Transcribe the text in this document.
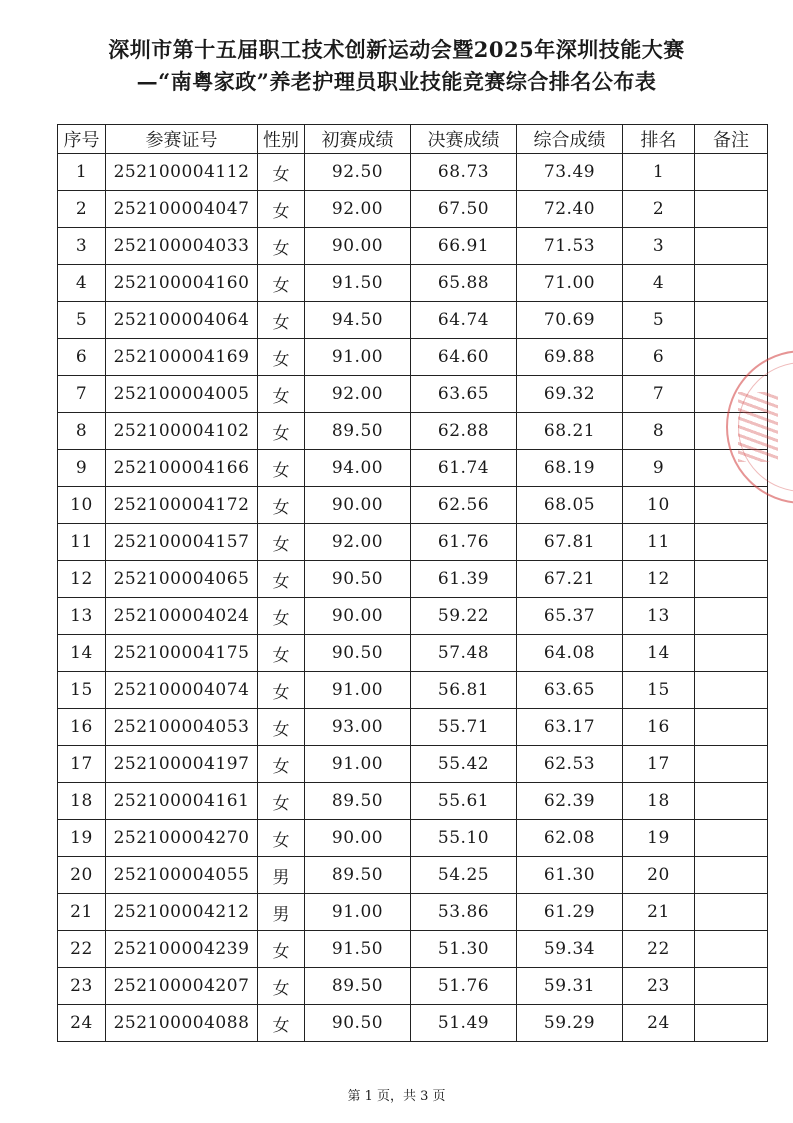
深圳市第十五届职工技术创新运动会暨2025年深圳技能大赛
—“南粤家政”养老护理员职业技能竞赛综合排名公布表
序号	参赛证号	性别	初赛成绩	决赛成绩	综合成绩	排名	备注
1	252100004112	女	92.50	68.73	73.49	1	
2	252100004047	女	92.00	67.50	72.40	2	
3	252100004033	女	90.00	66.91	71.53	3	
4	252100004160	女	91.50	65.88	71.00	4	
5	252100004064	女	94.50	64.74	70.69	5	
6	252100004169	女	91.00	64.60	69.88	6	
7	252100004005	女	92.00	63.65	69.32	7	
8	252100004102	女	89.50	62.88	68.21	8	
9	252100004166	女	94.00	61.74	68.19	9	
10	252100004172	女	90.00	62.56	68.05	10	
11	252100004157	女	92.00	61.76	67.81	11	
12	252100004065	女	90.50	61.39	67.21	12	
13	252100004024	女	90.00	59.22	65.37	13	
14	252100004175	女	90.50	57.48	64.08	14	
15	252100004074	女	91.00	56.81	63.65	15	
16	252100004053	女	93.00	55.71	63.17	16	
17	252100004197	女	91.00	55.42	62.53	17	
18	252100004161	女	89.50	55.61	62.39	18	
19	252100004270	女	90.00	55.10	62.08	19	
20	252100004055	男	89.50	54.25	61.30	20	
21	252100004212	男	91.00	53.86	61.29	21	
22	252100004239	女	91.50	51.30	59.34	22	
23	252100004207	女	89.50	51.76	59.31	23	
24	252100004088	女	90.50	51.49	59.29	24	
第 1 页，共 3 页
